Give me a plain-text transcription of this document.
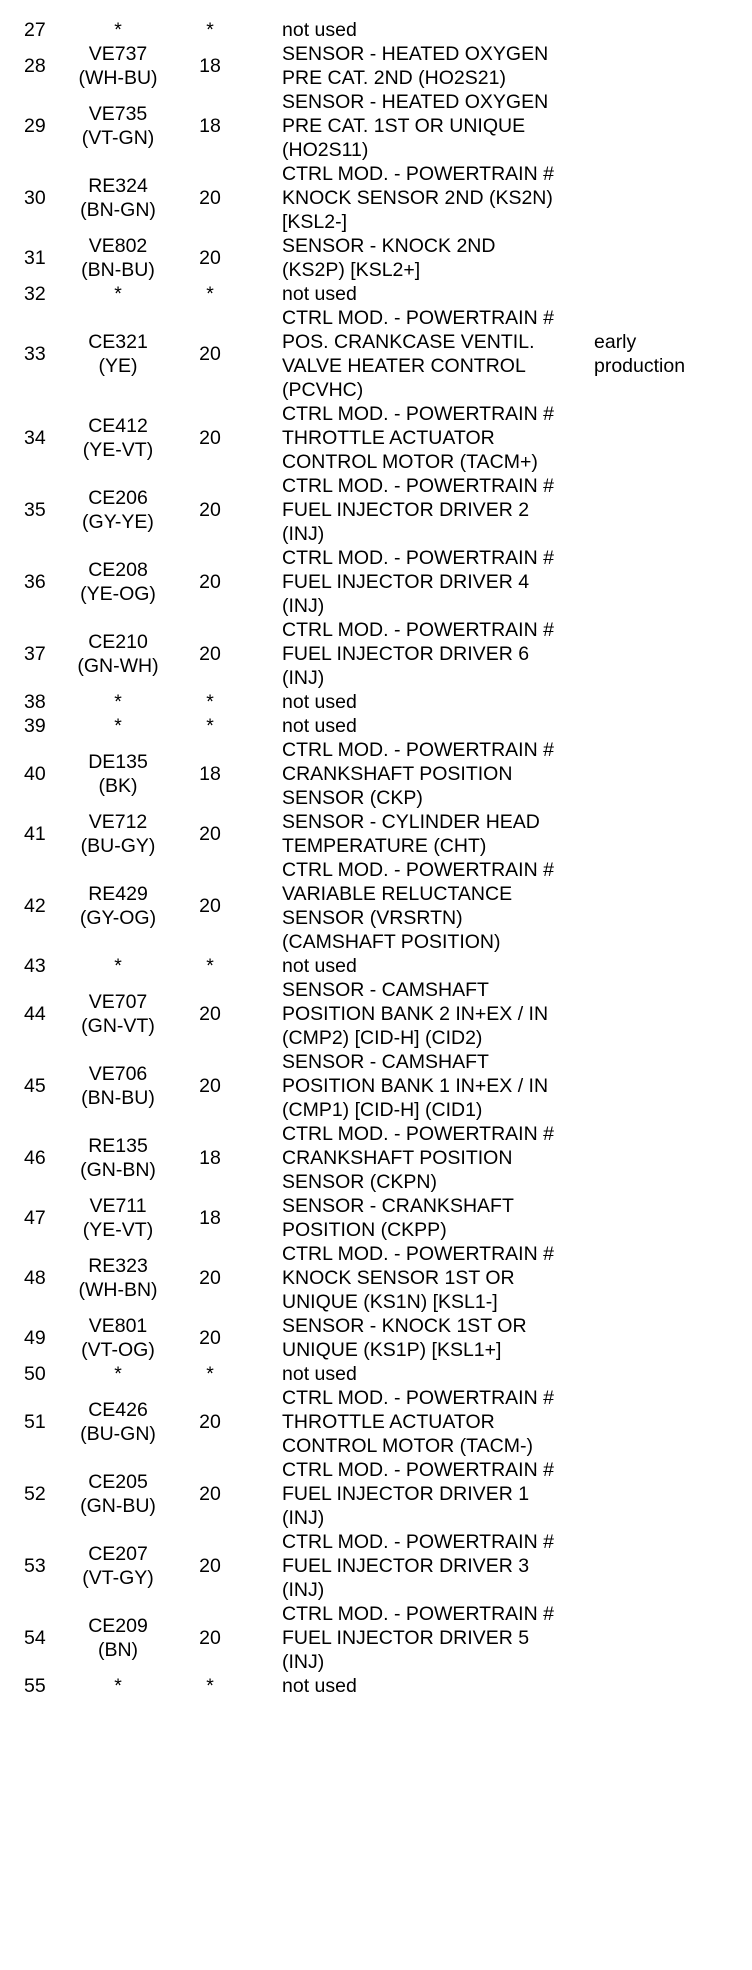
27	*	*	not used	

28	VE737
(WH-BU)	18	SENSOR - HEATED OXYGEN
PRE CAT. 2ND (HO2S21)	

29	VE735
(VT-GN)	18	SENSOR - HEATED OXYGEN
PRE CAT. 1ST OR UNIQUE
(HO2S11)	

30	RE324
(BN-GN)	20	CTRL MOD. - POWERTRAIN #
KNOCK SENSOR 2ND (KS2N)
[KSL2-]	

31	VE802
(BN-BU)	20	SENSOR - KNOCK 2ND
(KS2P) [KSL2+]	

32	*	*	not used	

33	CE321
(YE)	20	CTRL MOD. - POWERTRAIN #
POS. CRANKCASE VENTIL.
VALVE HEATER CONTROL
(PCVHC)	early
production

34	CE412
(YE-VT)	20	CTRL MOD. - POWERTRAIN #
THROTTLE ACTUATOR
CONTROL MOTOR (TACM+)	

35	CE206
(GY-YE)	20	CTRL MOD. - POWERTRAIN #
FUEL INJECTOR DRIVER 2
(INJ)	

36	CE208
(YE-OG)	20	CTRL MOD. - POWERTRAIN #
FUEL INJECTOR DRIVER 4
(INJ)	

37	CE210
(GN-WH)	20	CTRL MOD. - POWERTRAIN #
FUEL INJECTOR DRIVER 6
(INJ)	

38	*	*	not used	

39	*	*	not used	

40	DE135
(BK)	18	CTRL MOD. - POWERTRAIN #
CRANKSHAFT POSITION
SENSOR (CKP)	

41	VE712
(BU-GY)	20	SENSOR - CYLINDER HEAD
TEMPERATURE (CHT)	

42	RE429
(GY-OG)	20	CTRL MOD. - POWERTRAIN #
VARIABLE RELUCTANCE
SENSOR (VRSRTN)
(CAMSHAFT POSITION)	

43	*	*	not used	

44	VE707
(GN-VT)	20	SENSOR - CAMSHAFT
POSITION BANK 2 IN+EX / IN
(CMP2) [CID-H] (CID2)	

45	VE706
(BN-BU)	20	SENSOR - CAMSHAFT
POSITION BANK 1 IN+EX / IN
(CMP1) [CID-H] (CID1)	

46	RE135
(GN-BN)	18	CTRL MOD. - POWERTRAIN #
CRANKSHAFT POSITION
SENSOR (CKPN)	

47	VE711
(YE-VT)	18	SENSOR - CRANKSHAFT
POSITION (CKPP)	

48	RE323
(WH-BN)	20	CTRL MOD. - POWERTRAIN #
KNOCK SENSOR 1ST OR
UNIQUE (KS1N) [KSL1-]	

49	VE801
(VT-OG)	20	SENSOR - KNOCK 1ST OR
UNIQUE (KS1P) [KSL1+]	

50	*	*	not used	

51	CE426
(BU-GN)	20	CTRL MOD. - POWERTRAIN #
THROTTLE ACTUATOR
CONTROL MOTOR (TACM-)	

52	CE205
(GN-BU)	20	CTRL MOD. - POWERTRAIN #
FUEL INJECTOR DRIVER 1
(INJ)	

53	CE207
(VT-GY)	20	CTRL MOD. - POWERTRAIN #
FUEL INJECTOR DRIVER 3
(INJ)	

54	CE209
(BN)	20	CTRL MOD. - POWERTRAIN #
FUEL INJECTOR DRIVER 5
(INJ)	

55	*	*	not used	
